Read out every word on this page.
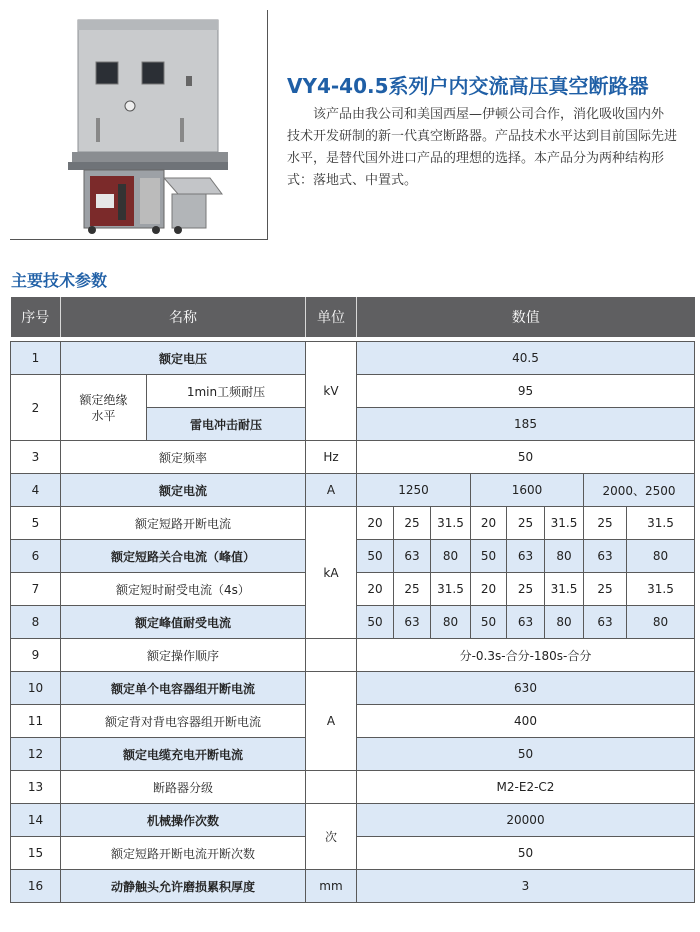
VY4-40.5系列户内交流高压真空断路器
该产品由我公司和美国西屋—伊顿公司合作，消化吸收国内外　 技术开发研制的新一代真空断路器。产品技术水平达到目前国际先进水平，是替代国外进口产品的理想的选择。本产品分为两种结构形式：落地式、中置式。
主要技术参数
序号	名称		单位	数值							

1	额定电压		kV	40.5							
2	额定绝缘水平	1min工频耐压		95							
		雷电冲击耐压		185							
3	额定频率		Hz	50							
4	额定电流		A	1250			1600			2000、2500	
5	额定短路开断电流		kA	20	25	31.5	20	25	31.5	25	31.5
6	额定短路关合电流（峰值）			50	63	80	50	63	80	63	80
7	额定短时耐受电流（4s）			20	25	31.5	20	25	31.5	25	31.5
8	额定峰值耐受电流			50	63	80	50	63	80	63	80
9	额定操作顺序			分-0.3s-合分-180s-合分							
10	额定单个电容器组开断电流		A	630							
11	额定背对背电容器组开断电流			400							
12	额定电缆充电开断电流			50							
13	断路器分级			M2-E2-C2							
14	机械操作次数		次	20000							
15	额定短路开断电流开断次数			50							
16	动静触头允许磨损累积厚度		mm	3							
